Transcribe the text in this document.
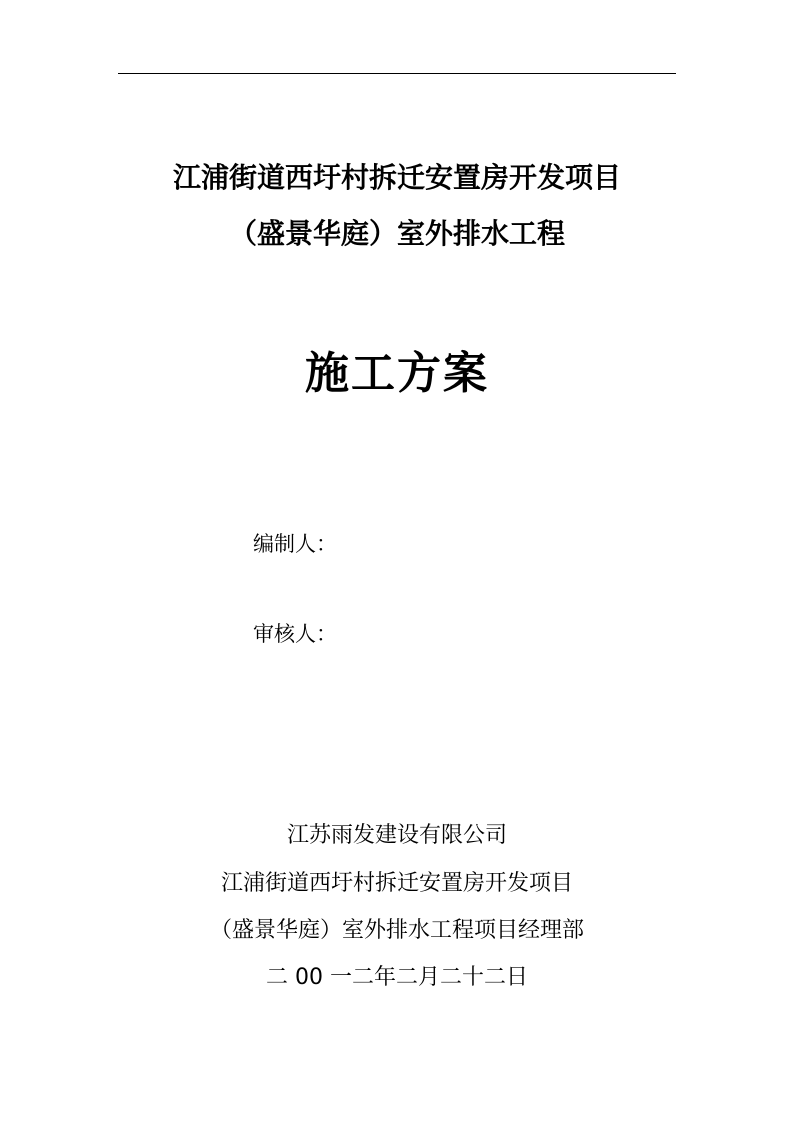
江浦街道西圩村拆迁安置房开发项目
（盛景华庭）室外排水工程
施工方案
编制人：
审核人：
江苏雨发建设有限公司
江浦街道西圩村拆迁安置房开发项目
（盛景华庭）室外排水工程项目经理部
二 00 一二年二月二十二日
